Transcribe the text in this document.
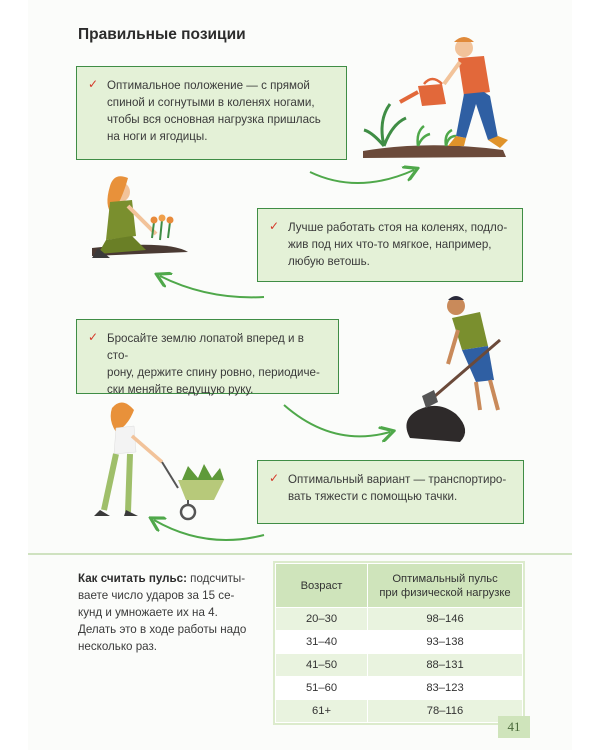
Правильные позиции
✓ Оптимальное положение — с прямой
спиной и согнутыми в коленях ногами,
чтобы вся основная нагрузка пришлась
на ноги и ягодицы.
✓ Лучше работать стоя на коленях, подло-
жив под них что-то мягкое, например,
любую ветошь.
✓ Бросайте землю лопатой вперед и в сто-
рону, держите спину ровно, периодиче-
ски меняйте ведущую руку.
✓ Оптимальный вариант — транспортиро-
вать тяжести с помощью тачки.
Как считать пульс: подсчиты-
ваете число ударов за 15 се-
кунд и умножаете их на 4.
Делать это в ходе работы надо
несколько раз.
Возраст	Оптимальный пульс
при физической нагрузке

20–30	98–146
31–40	93–138
41–50	88–131
51–60	83–123
61+	78–116
41
